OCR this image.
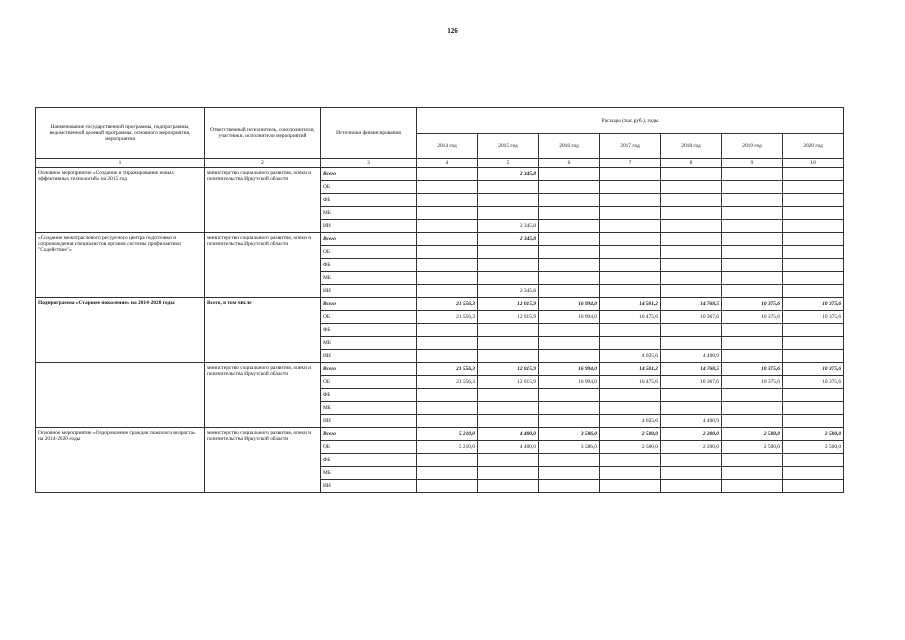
126
Наименование государственной программы, подпрограммы, ведомственной целевой программы, основного мероприятия, мероприятия	Ответственный исполнитель, соисполнители, участники, исполнители мероприятий	Источники финансирования	Расходы (тыс.руб.), годы						
			2014 год	2015 год	2016 год	2017 год	2018 год	2019 год	2020 год
1	2	3	4	5	6	7	8	9	10
Основное мероприятие «Создание и тиражирование новых эффективных технологий» на 2015 год	министерство социального развития, опеки и попечительства Иркутской области	Всего		2 345,8					
		ОБ							
		ФБ							
		МБ							
		ИИ		2 345,8					
«Создание межотраслевого ресурсного центра подготовки и сопровождения специалистов органов системы профилактики "Содействие"»	министерство социального развития, опеки и попечительства Иркутской области	Всего		2 345,8					
		ОБ							
		ФБ							
		МБ							
		ИИ		2 345,8					
Подпрограмма «Старшее поколение» на 2014-2020 годы	Всего, в том числе	Всего	21 556,3	12 015,9	16 994,0	14 501,2	14 768,5	10 375,6	10 375,6
		ОБ	21 556,3	12 015,9	16 994,0	10 475,6	10 367,6	10 375,6	10 375,6
		ФБ							
		МБ							
		ИИ				4 025,6	4 400,9		
	министерство социального развития, опеки и попечительства Иркутской области	Всего	21 556,3	12 015,9	16 994,0	14 501,2	14 768,5	10 375,6	10 375,6
		ОБ	21 556,3	12 015,9	16 994,0	10 475,6	10 367,6	10 375,6	10 375,6
		ФБ							
		МБ							
		ИИ				4 025,6	4 400,9		
Основное мероприятие «Оздоровление граждан пожилого возраста» на 2014-2020 годы	министерство социального развития, опеки и попечительства Иркутской области	Всего	5 210,0	4 400,0	3 586,0	2 500,0	2 200,0	2 500,0	2 500,0
		ОБ	5 210,0	4 400,0	3 586,0	2 500,0	2 200,0	2 500,0	2 500,0
		ФБ							
		МБ							
		ИИ							
